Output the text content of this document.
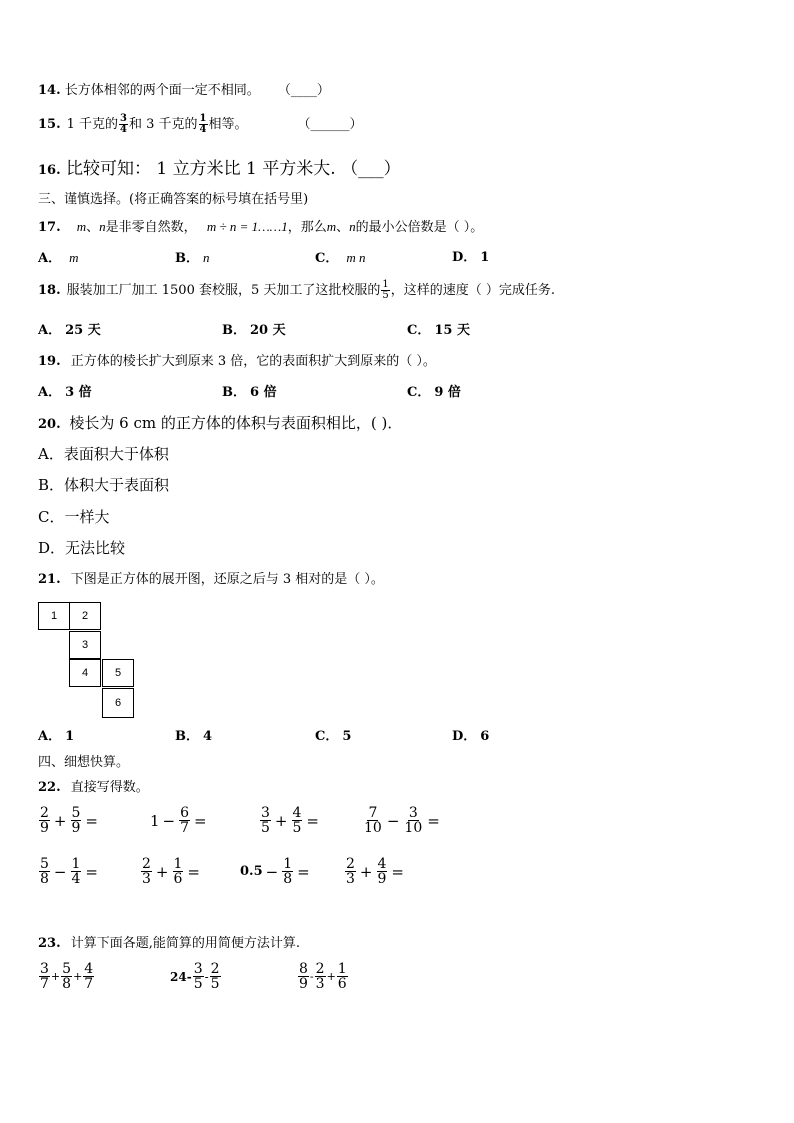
14. 长方体相邻的两个面一定不相同。 （____）
15. 1 千克的 $\frac{3}{4}$ 和 3 千克的 $\frac{1}{4}$ 相等。	（______）
16. 比较可知： 1 立方米比 1 平方米大. （___）
三、谨慎选择。(将正确答案的标号填在括号里)
17. m、n是非零自然数， m ÷ n = 1……1，那么m、n的最小公倍数是（ ）。
A． m	B． n	C． m n	D． 1
18. 服装加工厂加工 1500 套校服，5 天加工了这批校服的 $\frac{1}{5}$ ，这样的速度（ ）完成任务.
A． 25 天	B． 20 天	C． 15 天
19. 正方体的棱长扩大到原来 3 倍，它的表面积扩大到原来的（ ）。
A． 3 倍	B． 6 倍	C． 9 倍
20. 棱长为 6 cm 的正方体的体积与表面积相比，( )．
A．表面积大于体积
B．体积大于表面积
C．一样大
D．无法比较
21. 下图是正方体的展开图，还原之后与 3 相对的是（ ）。
1	2
3
4	5
6
A． 1	B． 4	C． 5	D． 6
四、细想快算。
22. 直接写得数。
$\frac{2}{9} + \frac{5}{9}$ =	$1 - \frac{6}{7}$ =	$\frac{3}{5} + \frac{4}{5}$ =	$\frac{7}{10} - \frac{3}{10}$ =
$\frac{5}{8} - \frac{1}{4}$ =	$\frac{2}{3} + \frac{1}{6}$ =	$0.5 - \frac{1}{8}$ =	$\frac{2}{3} + \frac{4}{9}$ =
23. 计算下面各题,能简算的用简便方法计算.
$\frac{3}{7} + \frac{5}{8} + \frac{4}{7}$	$24- \frac{3}{5} - \frac{2}{5}$	$\frac{8}{9} - \frac{2}{3} + \frac{1}{6}$
